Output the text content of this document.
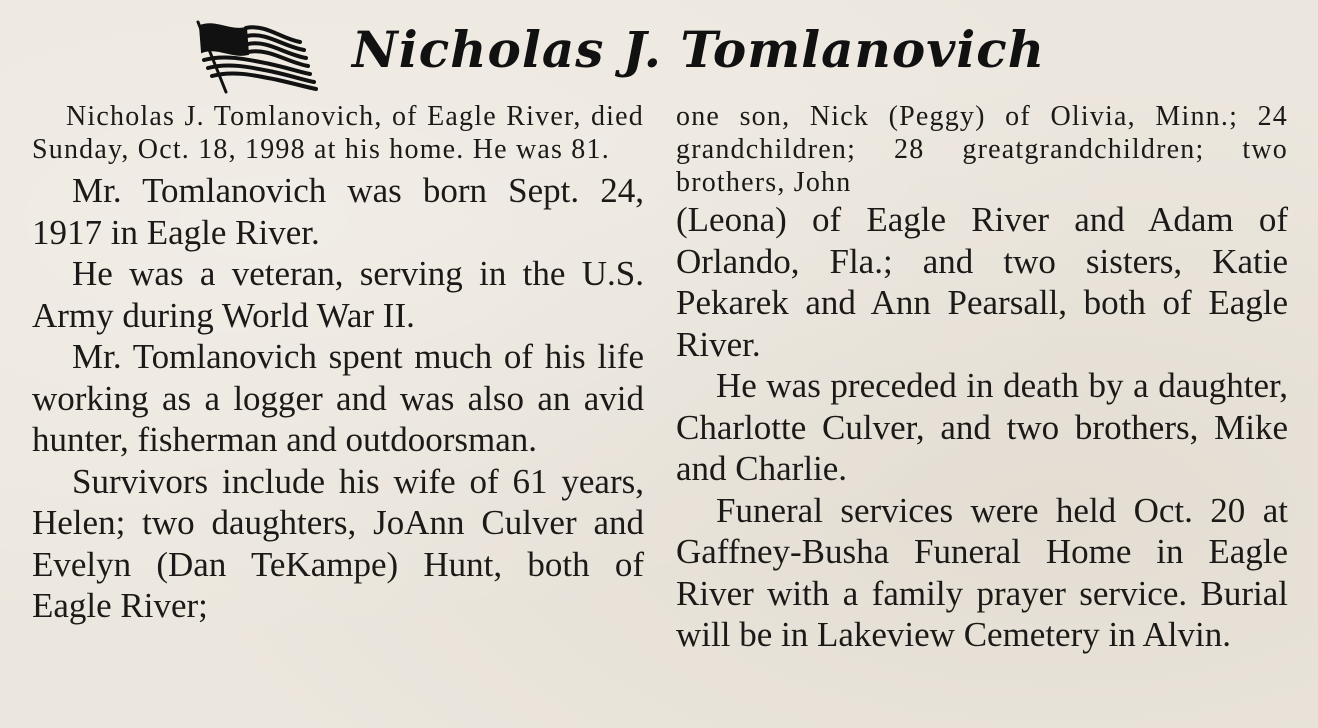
Nicholas J. Tomlanovich

Nicholas J. Tomlanovich, of Eagle River, died Sunday, Oct. 18, 1998 at his home. He was 81.

Mr. Tomlanovich was born Sept. 24, 1917 in Eagle River.

He was a veteran, serving in the U.S. Army during World War II.

Mr. Tomlanovich spent much of his life working as a logger and was also an avid hunter, fisherman and outdoorsman.

Survivors include his wife of 61 years, Helen; two daughters, JoAnn Culver and Evelyn (Dan TeKampe) Hunt, both of Eagle River;

one son, Nick (Peggy) of Olivia, Minn.; 24 grandchildren; 28 greatgrandchildren; two brothers, John

(Leona) of Eagle River and Adam of Orlando, Fla.; and two sisters, Katie Pekarek and Ann Pearsall, both of Eagle River.

He was preceded in death by a daughter, Charlotte Culver, and two brothers, Mike and Charlie.

Funeral services were held Oct. 20 at Gaffney-Busha Funeral Home in Eagle River with a family prayer service. Burial will be in Lakeview Cemetery in Alvin.
